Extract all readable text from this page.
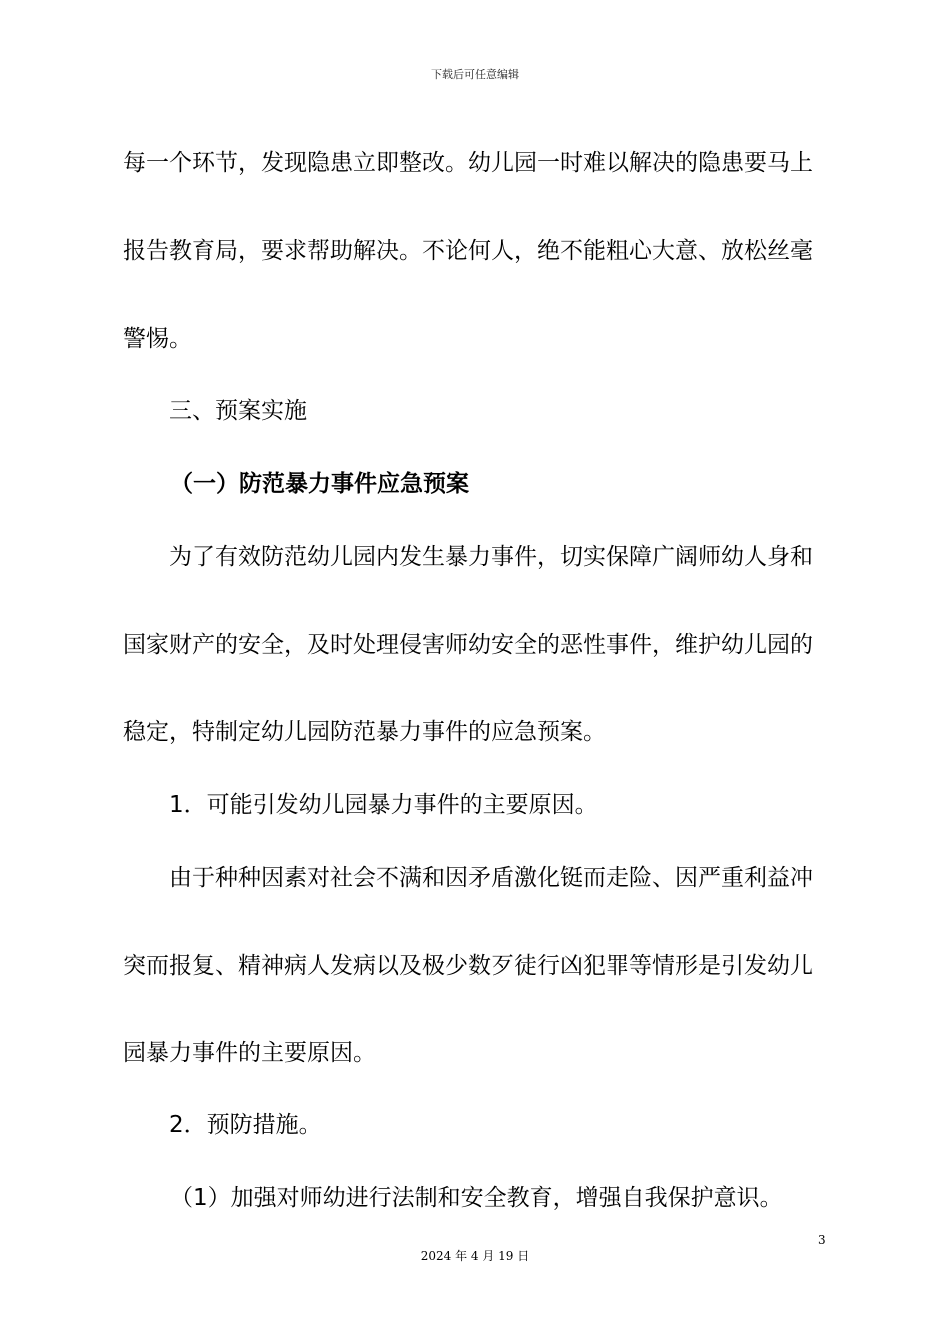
下载后可任意编辑
每一个环节，发现隐患立即整改。幼儿园一时难以解决的隐患要马上
报告教育局，要求帮助解决。不论何人，绝不能粗心大意、放松丝毫
警惕。
三、预案实施
（一）防范暴力事件应急预案
为了有效防范幼儿园内发生暴力事件，切实保障广阔师幼人身和
国家财产的安全，及时处理侵害师幼安全的恶性事件，维护幼儿园的
稳定，特制定幼儿园防范暴力事件的应急预案。
1．可能引发幼儿园暴力事件的主要原因。
由于种种因素对社会不满和因矛盾激化铤而走险、因严重利益冲
突而报复、精神病人发病以及极少数歹徒行凶犯罪等情形是引发幼儿
园暴力事件的主要原因。
2．预防措施。
（1）加强对师幼进行法制和安全教育，增强自我保护意识。
3
2024 年 4 月 19 日
